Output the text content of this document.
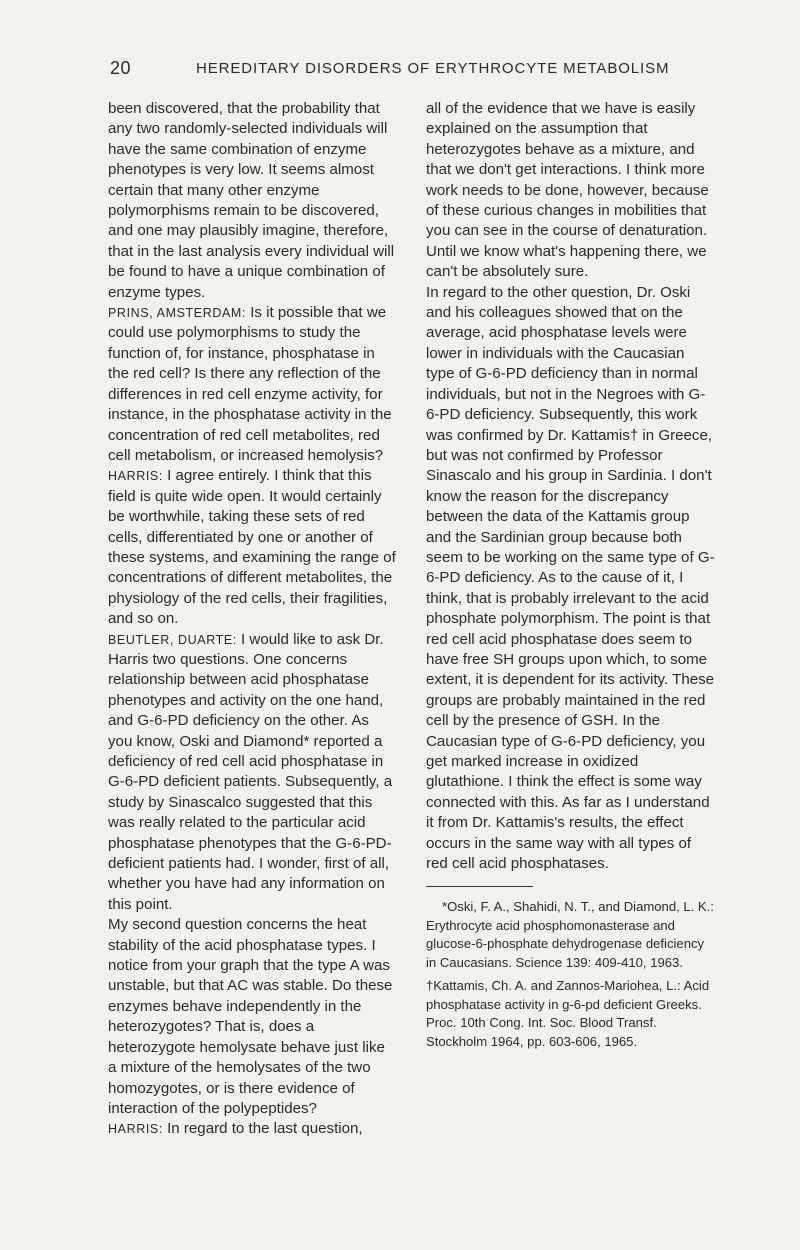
20	HEREDITARY DISORDERS OF ERYTHROCYTE METABOLISM

been discovered, that the probability that any two randomly-selected individuals will have the same combination of enzyme phenotypes is very low. It seems almost certain that many other enzyme polymorphisms remain to be discovered, and one may plausibly imagine, therefore, that in the last analysis every individual will be found to have a unique combination of enzyme types.

PRINS, AMSTERDAM: Is it possible that we could use polymorphisms to study the function of, for instance, phosphatase in the red cell? Is there any reflection of the differences in red cell enzyme activity, for instance, in the phosphatase activity in the concentration of red cell metabolites, red cell metabolism, or increased hemolysis?

HARRIS: I agree entirely. I think that this field is quite wide open. It would certainly be worthwhile, taking these sets of red cells, differentiated by one or another of these systems, and examining the range of concentrations of different metabolites, the physiology of the red cells, their fragilities, and so on.

BEUTLER, DUARTE: I would like to ask Dr. Harris two questions. One concerns relationship between acid phosphatase phenotypes and activity on the one hand, and G-6-PD deficiency on the other. As you know, Oski and Diamond* reported a deficiency of red cell acid phosphatase in G-6-PD deficient patients. Subsequently, a study by Sinascalco suggested that this was really related to the particular acid phosphatase phenotypes that the G-6-PD-deficient patients had. I wonder, first of all, whether you have had any information on this point.

My second question concerns the heat stability of the acid phosphatase types. I notice from your graph that the type A was unstable, but that AC was stable. Do these enzymes behave independently in the heterozygotes? That is, does a heterozygote hemolysate behave just like a mixture of the hemolysates of the two homozygotes, or is there evidence of interaction of the polypeptides?

HARRIS: In regard to the last question,

all of the evidence that we have is easily explained on the assumption that heterozygotes behave as a mixture, and that we don't get interactions. I think more work needs to be done, however, because of these curious changes in mobilities that you can see in the course of denaturation. Until we know what's happening there, we can't be absolutely sure.

In regard to the other question, Dr. Oski and his colleagues showed that on the average, acid phosphatase levels were lower in individuals with the Caucasian type of G-6-PD deficiency than in normal individuals, but not in the Negroes with G-6-PD deficiency. Subsequently, this work was confirmed by Dr. Kattamis† in Greece, but was not confirmed by Professor Sinascalo and his group in Sardinia. I don't know the reason for the discrepancy between the data of the Kattamis group and the Sardinian group because both seem to be working on the same type of G-6-PD deficiency. As to the cause of it, I think, that is probably irrelevant to the acid phosphate polymorphism. The point is that red cell acid phosphatase does seem to have free SH groups upon which, to some extent, it is dependent for its activity. These groups are probably maintained in the red cell by the presence of GSH. In the Caucasian type of G-6-PD deficiency, you get marked increase in oxidized glutathione. I think the effect is some way connected with this. As far as I understand it from Dr. Kattamis's results, the effect occurs in the same way with all types of red cell acid phosphatases.

*Oski, F. A., Shahidi, N. T., and Diamond, L. K.: Erythrocyte acid phosphomonasterase and glucose-6-phosphate dehydrogenase deficiency in Caucasians. Science 139: 409-410, 1963.

†Kattamis, Ch. A. and Zannos-Mariohea, L.: Acid phosphatase activity in g-6-pd deficient Greeks. Proc. 10th Cong. Int. Soc. Blood Transf. Stockholm 1964, pp. 603-606, 1965.
